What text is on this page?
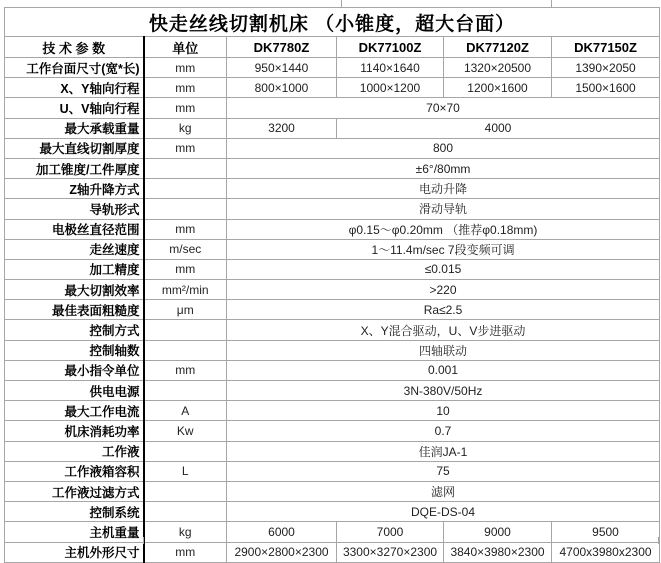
快走丝线切割机床 （小锥度，超大台面）					
技 术 参 数	单位	DK7780Z	DK77100Z	DK77120Z	DK77150Z
工作台面尺寸(宽*长)	mm	950×1440	1140×1640	1320×20500	1390×2050
X、Y轴向行程	mm	800×1000	1000×1200	1200×1600	1500×1600
U、V轴向行程	mm	70×70			
最大承载重量	kg	3200	4000		
最大直线切割厚度	mm	800			
加工锥度/工件厚度		±6°/80mm			
Z轴升降方式		电动升降			
导轨形式		滑动导轨			
电极丝直径范围	mm	φ0.15～φ0.20mm （推荐φ0.18mm)			
走丝速度	m/sec	1～11.4m/sec 7段变频可调			
加工精度	mm	≤0.015			
最大切割效率	mm²/min	>220			
最佳表面粗糙度	μm	Ra≤2.5			
控制方式		X、Y混合驱动，U、V步进驱动			
控制轴数		四轴联动			
最小指令单位	mm	0.001			
供电电源		3N-380V/50Hz			
最大工作电流	A	10			
机床消耗功率	Kw	0.7			
工作液		佳润JA-1			
工作液箱容积	L	75			
工作液过滤方式		滤网			
控制系统		DQE-DS-04			
主机重量	kg	6000	7000	9000	9500
主机外形尺寸	mm	2900×2800×2300	3300×3270×2300	3840×3980×2300	4700x3980x2300
